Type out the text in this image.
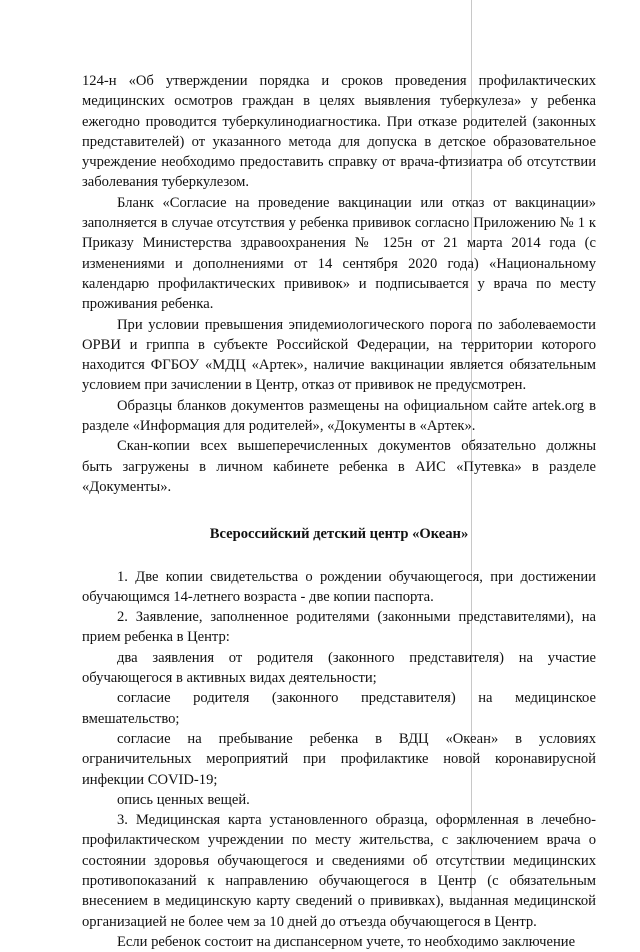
124-н «Об утверждении порядка и сроков проведения профилактических медицинских осмотров граждан в целях выявления туберкулеза» у ребенка ежегодно проводится туберкулинодиагностика. При отказе родителей (законных представителей) от указанного метода для допуска в детское образовательное учреждение необходимо предоставить справку от врача-фтизиатра об отсутствии заболевания туберкулезом.

Бланк «Согласие на проведение вакцинации или отказ от вакцинации» заполняется в случае отсутствия у ребенка прививок согласно Приложению № 1 к Приказу Министерства здравоохранения № 125н от 21 марта 2014 года (с изменениями и дополнениями от 14 сентября 2020 года) «Национальному календарю профилактических прививок» и подписывается у врача по месту проживания ребенка.

При условии превышения эпидемиологического порога по заболеваемости ОРВИ и гриппа в субъекте Российской Федерации, на территории которого находится ФГБОУ «МДЦ «Артек», наличие вакцинации является обязательным условием при зачислении в Центр, отказ от прививок не предусмотрен.

Образцы бланков документов размещены на официальном сайте artek.org в разделе «Информация для родителей», «Документы в «Артек».

Скан-копии всех вышеперечисленных документов обязательно должны быть загружены в личном кабинете ребенка в АИС «Путевка» в разделе «Документы».

Всероссийский детский центр «Океан»

1. Две копии свидетельства о рождении обучающегося, при достижении обучающимся 14-летнего возраста - две копии паспорта.

2. Заявление, заполненное родителями (законными представителями), на прием ребенка в Центр:

два заявления от родителя (законного представителя) на участие обучающегося в активных видах деятельности;

согласие родителя (законного представителя) на медицинское вмешательство;

согласие на пребывание ребенка в ВДЦ «Океан» в условиях ограничительных мероприятий при профилактике новой коронавирусной инфекции COVID-19;

опись ценных вещей.

3. Медицинская карта установленного образца, оформленная в лечебно-профилактическом учреждении по месту жительства, с заключением врача о состоянии здоровья обучающегося и сведениями об отсутствии медицинских противопоказаний к направлению обучающегося в Центр (с обязательным внесением в медицинскую карту сведений о прививках), выданная медицинской организацией не более чем за 10 дней до отъезда обучающегося в Центр.

Если ребенок состоит на диспансерном учете, то необходимо заключение
